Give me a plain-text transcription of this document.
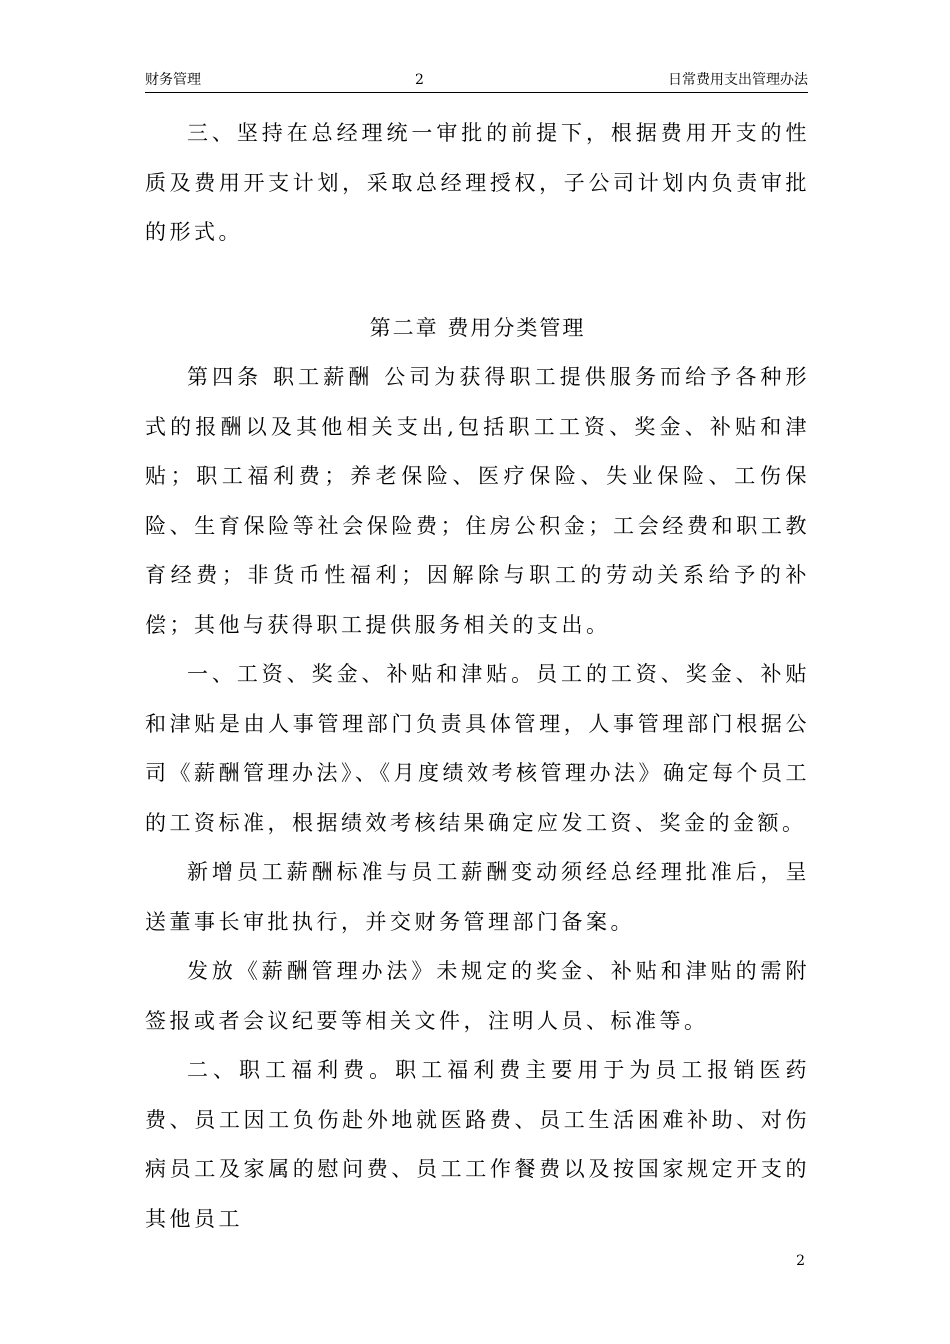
财务管理	2	日常费用支出管理办法

三、坚持在总经理统一审批的前提下，根据费用开支的性质及费用开支计划，采取总经理授权，子公司计划内负责审批的形式。

第二章 费用分类管理

第四条 职工薪酬 公司为获得职工提供服务而给予各种形式的报酬以及其他相关支出,包括职工工资、奖金、补贴和津贴；职工福利费；养老保险、医疗保险、失业保险、工伤保险、生育保险等社会保险费；住房公积金；工会经费和职工教育经费；非货币性福利；因解除与职工的劳动关系给予的补偿；其他与获得职工提供服务相关的支出。

一、工资、奖金、补贴和津贴。员工的工资、奖金、补贴和津贴是由人事管理部门负责具体管理，人事管理部门根据公司《薪酬管理办法》、《月度绩效考核管理办法》确定每个员工的工资标准，根据绩效考核结果确定应发工资、奖金的金额。

新增员工薪酬标准与员工薪酬变动须经总经理批准后，呈送董事长审批执行，并交财务管理部门备案。

发放《薪酬管理办法》未规定的奖金、补贴和津贴的需附签报或者会议纪要等相关文件，注明人员、标准等。

二、职工福利费。职工福利费主要用于为员工报销医药费、员工因工负伤赴外地就医路费、员工生活困难补助、对伤病员工及家属的慰问费、员工工作餐费以及按国家规定开支的其他员工

2
